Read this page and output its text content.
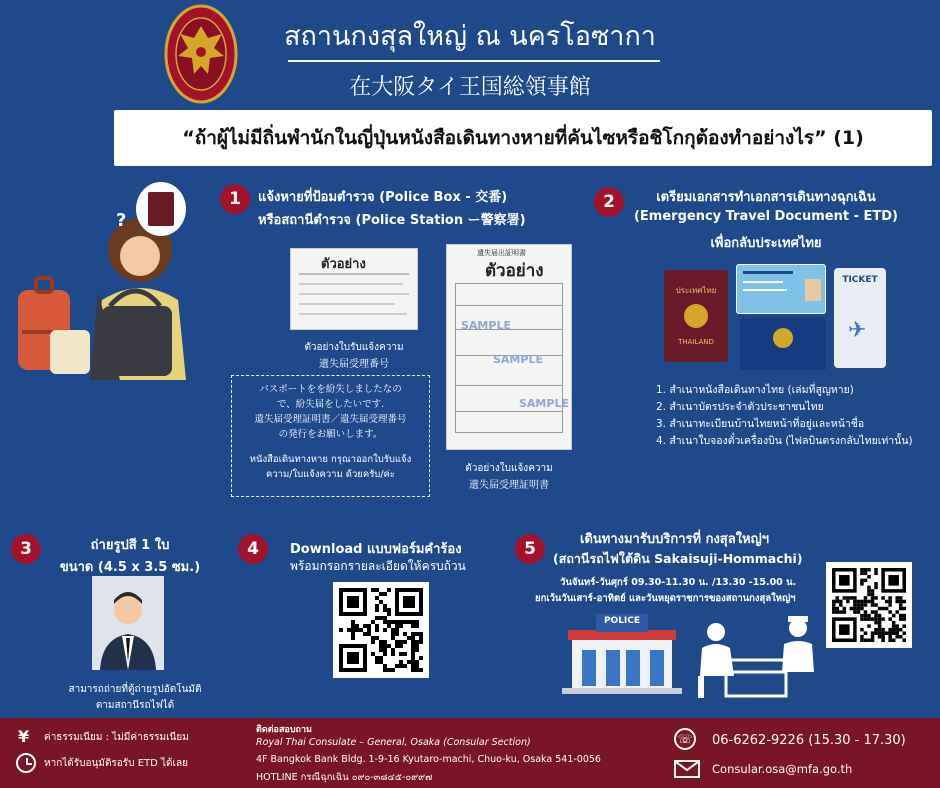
สถานกงสุลใหญ่ ณ นครโอซากา
在大阪タイ王国総領事館
“ถ้าผู้ไม่มีถิ่นพำนักในญี่ปุ่นหนังสือเดินทางหายที่คันไซหรือชิโกกุต้องทำอย่างไร” (1)
?
1	แจ้งหายที่ป้อมตำรวจ (Police Box - 交番)
หรือสถานีตำรวจ (Police Station ー警察署)
ตัวอย่าง
ตัวอย่างใบรับแจ้งความ
遺失届受理番号
遺失届出証明書
ตัวอย่าง
SAMPLE
SAMPLE
SAMPLE
ตัวอย่างใบแจ้งความ
遺失届受理証明書
パスポートをを紛失しましたなの
で、紛失届をしたいです.
遺失届受理証明書／遺失届受理番号
の発行をお願いします。
หนังสือเดินทางหาย กรุณาออกใบรับแจ้ง
ความ/ใบแจ้งความ ด้วยครับ/ค่ะ
2	เตรียมเอกสารทำเอกสารเดินทางฉุกเฉิน
(Emergency Travel Document - ETD)
เพื่อกลับประเทศไทย
ประเทศไทย
THAILAND
TICKET
✈
1. สำเนาหนังสือเดินทางไทย (เล่มที่สูญหาย)
2. สำเนาบัตรประจำตัวประชาชนไทย
3. สำเนาทะเบียนบ้านไทยหน้าที่อยู่และหน้าชื่อ
4. สำเนาใบจองตั๋วเครื่องบิน (ไฟลบินตรงกลับไทยเท่านั้น)
3	ถ่ายรูปสี 1 ใบ
ขนาด (4.5 x 3.5 ซม.)
สามารถถ่ายที่ตู้ถ่ายรูปอัตโนมัติ
ตามสถานีรถไฟได้
4	Download แบบฟอร์มคำร้อง
พร้อมกรอกรายละเอียดให้ครบถ้วน
5	เดินทางมารับบริการที่ กงสุลใหญ่ฯ
(สถานีรถไฟใต้ดิน Sakaisuji-Hommachi)
วันจันทร์-วันศุกร์ 09.30-11.30 น. /13.30 -15.00 น.
ยกเว้นวันเสาร์-อาทิตย์ และวันหยุดราชการของสถานกงสุลใหญ่ฯ
POLICE
¥ ค่าธรรมเนียม : ไม่มีค่าธรรมเนียม
หากได้รับอนุมัติรอรับ ETD ได้เลย
ติดต่อสอบถาม
Royal Thai Consulate – General, Osaka (Consular Section)
4F Bangkok Bank Bldg. 1-9-16 Kyutaro-machi, Chuo-ku, Osaka 541-0056
HOTLINE กรณีฉุกเฉิน ๐๙๐-๓๘๔๕-๐๙๙๗
☏ 06-6262-9226 (15.30 - 17.30)
Consular.osa@mfa.go.th
